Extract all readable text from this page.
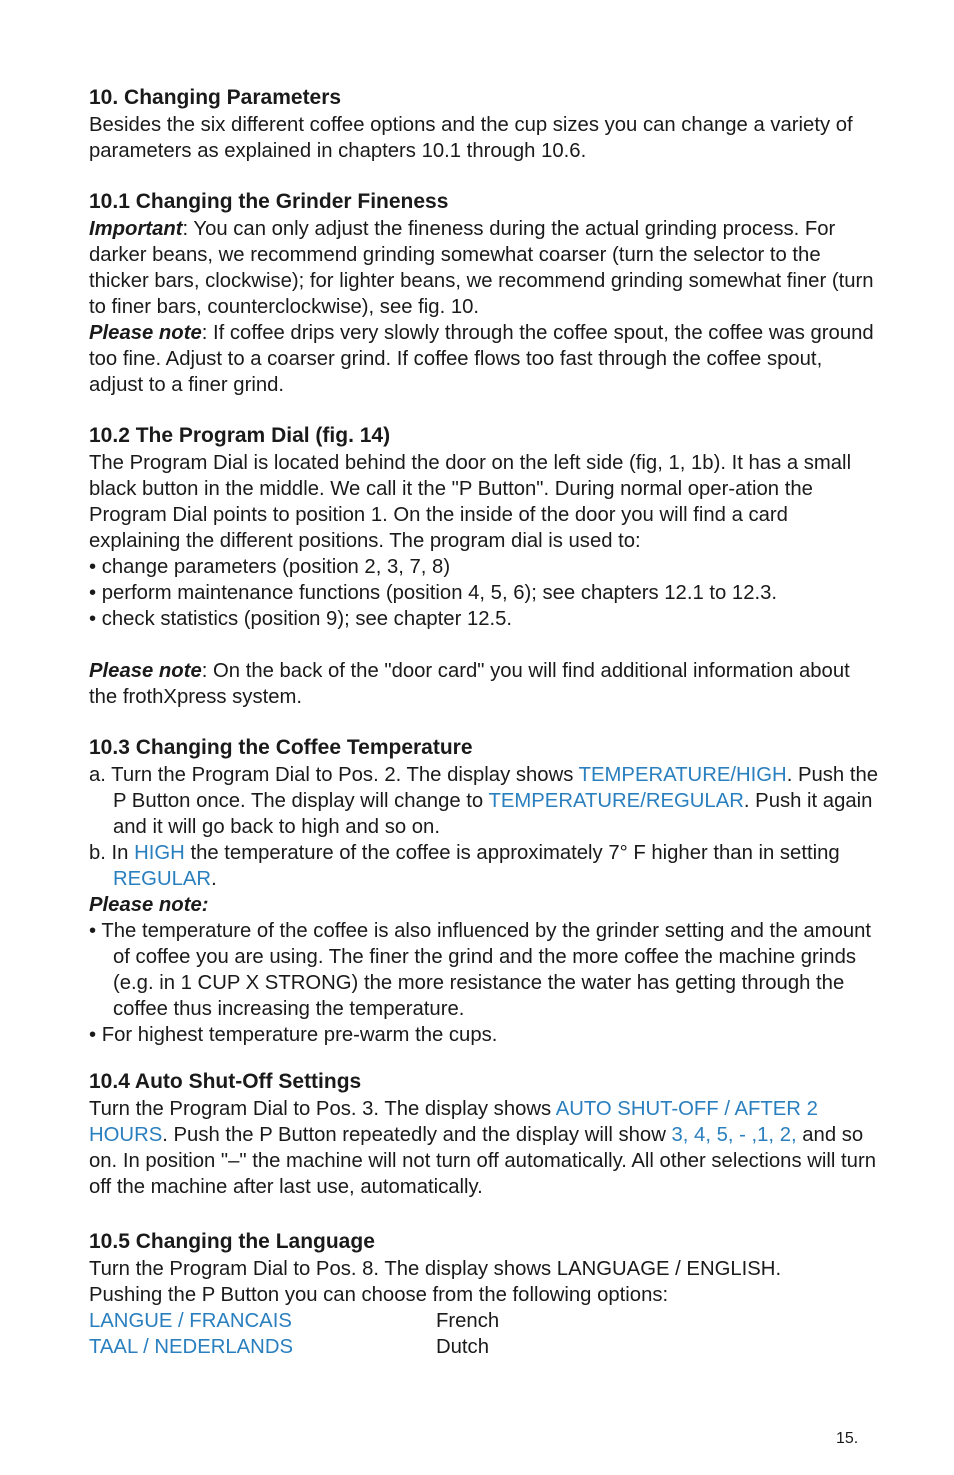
10. Changing Parameters

Besides the six different coffee options and the cup sizes you can change a variety of parameters as explained in chapters 10.1 through 10.6.

10.1 Changing the Grinder Fineness

Important: You can only adjust the fineness during the actual grinding process. For darker beans, we recommend grinding somewhat coarser (turn the selector to the thicker bars, clockwise); for lighter beans, we recommend grinding somewhat finer (turn to finer bars, counterclockwise), see fig. 10.

Please note: If coffee drips very slowly through the coffee spout, the coffee was ground too fine. Adjust to a coarser grind. If coffee flows too fast through the coffee spout, adjust to a finer grind.

10.2 The Program Dial (fig. 14)

The Program Dial is located behind the door on the left side (fig, 1, 1b). It has a small black button in the middle. We call it the "P Button". During normal oper-ation the Program Dial points to position 1. On the inside of the door you will find a card explaining the different positions. The program dial is used to:

• change parameters (position 2, 3, 7, 8)

• perform maintenance functions (position 4, 5, 6); see chapters 12.1 to 12.3.

• check statistics (position 9); see chapter 12.5.

Please note: On the back of the "door card" you will find additional information about the frothXpress system.

10.3 Changing the Coffee Temperature

a. Turn the Program Dial to Pos. 2. The display shows TEMPERATURE/HIGH. Push the P Button once. The display will change to TEMPERATURE/REGULAR. Push it again and it will go back to high and so on.

b. In HIGH the temperature of the coffee is approximately 7° F higher than in setting REGULAR.

Please note:

• The temperature of the coffee is also influenced by the grinder setting and the amount of coffee you are using. The finer the grind and the more coffee the machine grinds (e.g. in 1 CUP X STRONG) the more resistance the water has getting through the coffee thus increasing the temperature.

• For highest temperature pre-warm the cups.

10.4 Auto Shut-Off Settings

Turn the Program Dial to Pos. 3. The display shows AUTO SHUT-OFF / AFTER 2 HOURS. Push the P Button repeatedly and the display will show 3, 4, 5, - ,1, 2, and so on. In position "–" the machine will not turn off automatically. All other selections will turn off the machine after last use, automatically.

10.5 Changing the Language

Turn the Program Dial to Pos. 8. The display shows LANGUAGE / ENGLISH.

Pushing the P Button you can choose from the following options:

LANGUE / FRANCAIS	French
TAAL / NEDERLANDS	Dutch
15.
